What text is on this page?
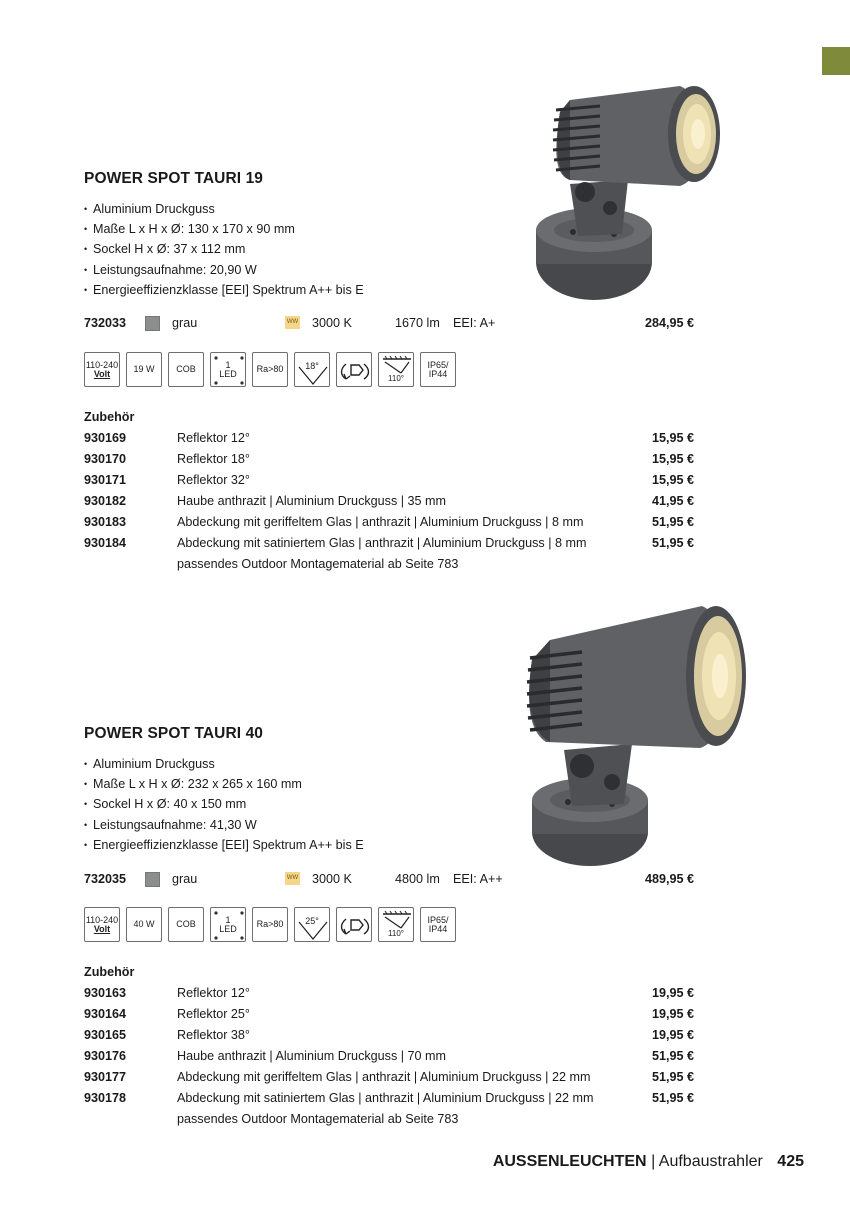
POWER SPOT TAURI 19
• Aluminium Druckguss
• Maße L x H x Ø: 130 x 170 x 90 mm
• Sockel H x Ø: 37 x 112 mm
• Leistungsaufnahme: 20,90 W
• Energieeffizienzklasse [EEI] Spektrum A++ bis E
732033	grau	WW 3000 K	1670 lm EEI: A+	284,95 €
110-240
Volt	19 W COB	1
LED Ra>80 18°
110°
IP65/
IP44
Zubehör
930169	Reflektor 12°	15,95 €
930170	Reflektor 18°	15,95 €
930171	Reflektor 32°	15,95 €
930182	Haube anthrazit | Aluminium Druckguss | 35 mm	41,95 €
930183	Abdeckung mit geriffeltem Glas | anthrazit | Aluminium Druckguss | 8 mm	51,95 €
930184	Abdeckung mit satiniertem Glas | anthrazit | Aluminium Druckguss | 8 mm	51,95 €
passendes Outdoor Montagematerial ab Seite 783
POWER SPOT TAURI 40
• Aluminium Druckguss
• Maße L x H x Ø: 232 x 265 x 160 mm
• Sockel H x Ø: 40 x 150 mm
• Leistungsaufnahme: 41,30 W
• Energieeffizienzklasse [EEI] Spektrum A++ bis E
732035	grau	WW 3000 K	4800 lm EEI: A++	489,95 €
110-240
Volt	40 W COB	1
LED Ra>80 25°
110°
IP65/
IP44
Zubehör
930163	Reflektor 12°	19,95 €
930164	Reflektor 25°	19,95 €
930165	Reflektor 38°	19,95 €
930176	Haube anthrazit | Aluminium Druckguss | 70 mm	51,95 €
930177	Abdeckung mit geriffeltem Glas | anthrazit | Aluminium Druckguss | 22 mm	51,95 €
930178	Abdeckung mit satiniertem Glas | anthrazit | Aluminium Druckguss | 22 mm	51,95 €
passendes Outdoor Montagematerial ab Seite 783
AUSSENLEUCHTEN | Aufbaustrahler 425
